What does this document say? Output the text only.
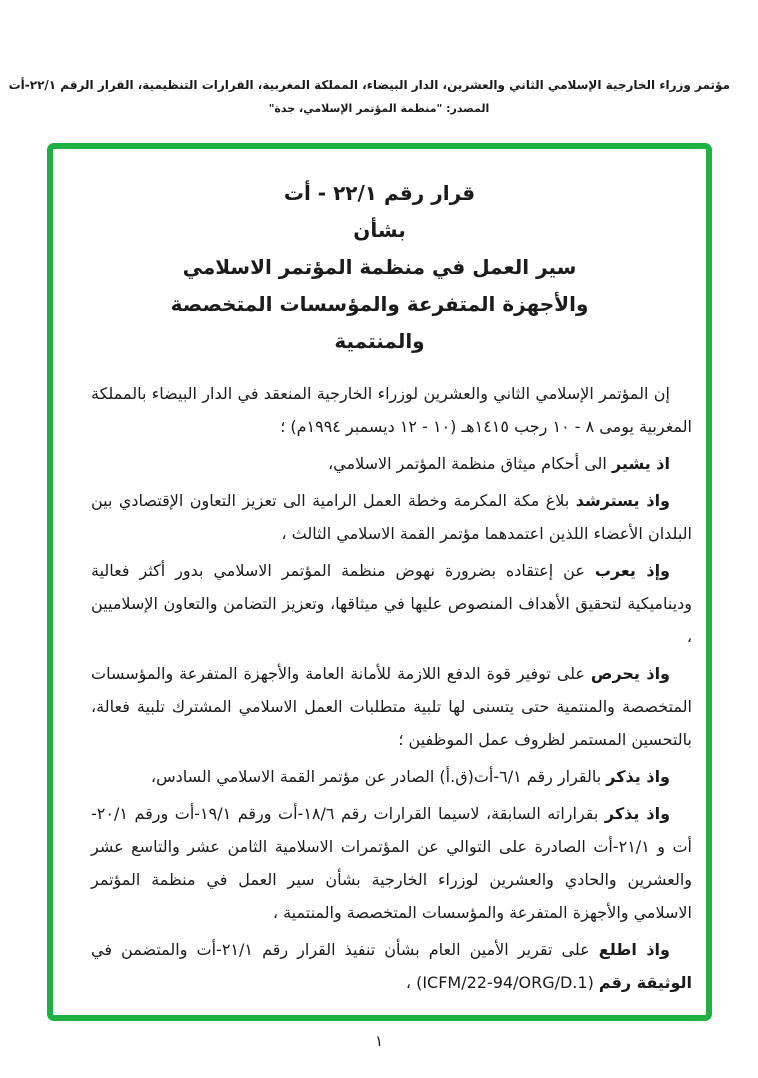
مؤتمر وزراء الخارجية الإسلامي الثاني والعشرين، الدار البيضاء، المملكة المغربية، القرارات التنظيمية، القرار الرقم ٢٢/١-أت
المصدر: "منظمة المؤتمر الإسلامي، جدة"
قرار رقم ٢٢/١ - أت
بشأن
سير العمل في منظمة المؤتمر الاسلامي
والأجهزة المتفرعة والمؤسسات المتخصصة
والمنتمية

إن المؤتمر الإسلامي الثاني والعشرين لوزراء الخارجية المنعقد في الدار البيضاء بالمملكة المغربية يومى ٨ - ١٠ رجب ١٤١٥هـ (١٠ - ١٢ ديسمبر ١٩٩٤م) ؛

اذ يشير الى أحكام ميثاق منظمة المؤتمر الاسلامي،

واذ يسترشد بلاغ مكة المكرمة وخطة العمل الرامية الى تعزيز التعاون الإقتصادي بين البلدان الأعضاء اللذين اعتمدهما مؤتمر القمة الاسلامي الثالث ،

وإذ يعرب عن إعتقاده بضرورة نهوض منظمة المؤتمر الاسلامي بدور أكثر فعالية وديناميكية لتحقيق الأهداف المنصوص عليها في ميثاقها، وتعزيز التضامن والتعاون الإسلاميين ،

واذ يحرص على توفير قوة الدفع اللازمة للأمانة العامة والأجهزة المتفرعة والمؤسسات المتخصصة والمنتمية حتى يتسنى لها تلبية متطلبات العمل الاسلامي المشترك تلبية فعالة، بالتحسين المستمر لظروف عمل الموظفين ؛

واذ يذكر بالقرار رقم ٦/١-أت(ق.أ) الصادر عن مؤتمر القمة الاسلامي السادس،

واذ يذكر بقراراته السابقة، لاسيما القرارات رقم ١٨/٦-أت ورقم ١٩/١-أت ورقم ٢٠/١-أت و ٢١/١-أت الصادرة على التوالي عن المؤتمرات الاسلامية الثامن عشر والتاسع عشر والعشرين والحادي والعشرين لوزراء الخارجية بشأن سير العمل في منظمة المؤتمر الاسلامي والأجهزة المتفرعة والمؤسسات المتخصصة والمنتمية ،

واذ اطلع على تقرير الأمين العام بشأن تنفيذ القرار رقم ٢١/١-أت والمتضمن في الوثيقة رقم (ICFM/22-94/ORG/D.1) ،

١
